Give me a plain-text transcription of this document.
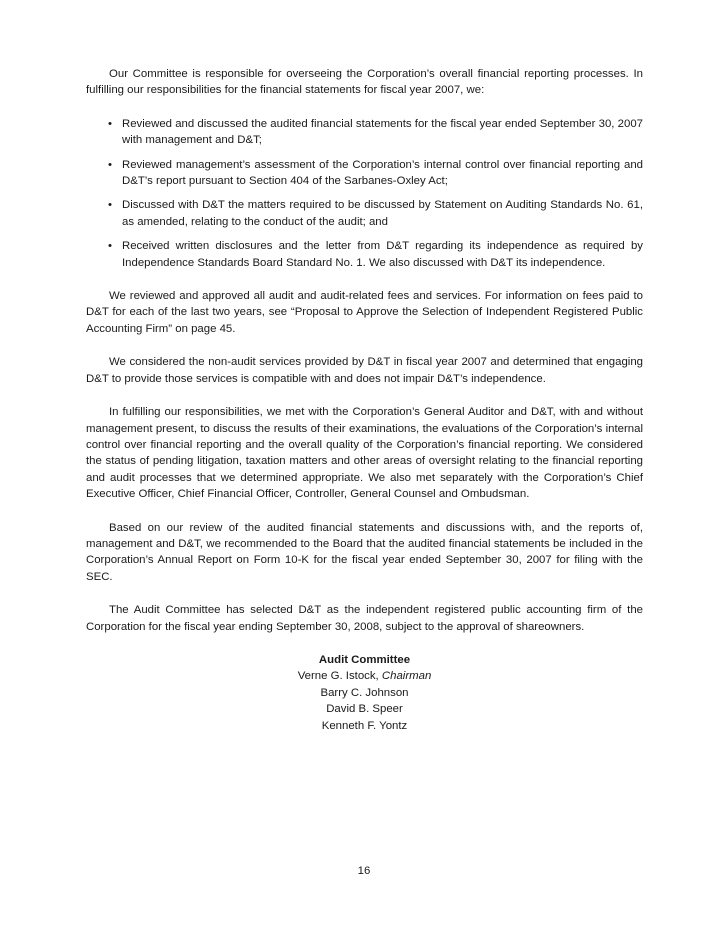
Our Committee is responsible for overseeing the Corporation’s overall financial reporting processes. In fulfilling our responsibilities for the financial statements for fiscal year 2007, we:

• Reviewed and discussed the audited financial statements for the fiscal year ended September 30, 2007 with management and D&T;
• Reviewed management’s assessment of the Corporation’s internal control over financial reporting and D&T’s report pursuant to Section 404 of the Sarbanes-Oxley Act;
• Discussed with D&T the matters required to be discussed by Statement on Auditing Standards No. 61, as amended, relating to the conduct of the audit; and
• Received written disclosures and the letter from D&T regarding its independence as required by Independence Standards Board Standard No. 1. We also discussed with D&T its independence.

We reviewed and approved all audit and audit-related fees and services. For information on fees paid to D&T for each of the last two years, see “Proposal to Approve the Selection of Independent Registered Public Accounting Firm” on page 45.

We considered the non-audit services provided by D&T in fiscal year 2007 and determined that engaging D&T to provide those services is compatible with and does not impair D&T’s independence.

In fulfilling our responsibilities, we met with the Corporation’s General Auditor and D&T, with and without management present, to discuss the results of their examinations, the evaluations of the Corporation’s internal control over financial reporting and the overall quality of the Corporation’s financial reporting. We considered the status of pending litigation, taxation matters and other areas of oversight relating to the financial reporting and audit processes that we determined appropriate. We also met separately with the Corporation’s Chief Executive Officer, Chief Financial Officer, Controller, General Counsel and Ombudsman.

Based on our review of the audited financial statements and discussions with, and the reports of, management and D&T, we recommended to the Board that the audited financial statements be included in the Corporation’s Annual Report on Form 10-K for the fiscal year ended September 30, 2007 for filing with the SEC.

The Audit Committee has selected D&T as the independent registered public accounting firm of the Corporation for the fiscal year ending September 30, 2008, subject to the approval of shareowners.

Audit Committee
Verne G. Istock, Chairman
Barry C. Johnson
David B. Speer
Kenneth F. Yontz
16
